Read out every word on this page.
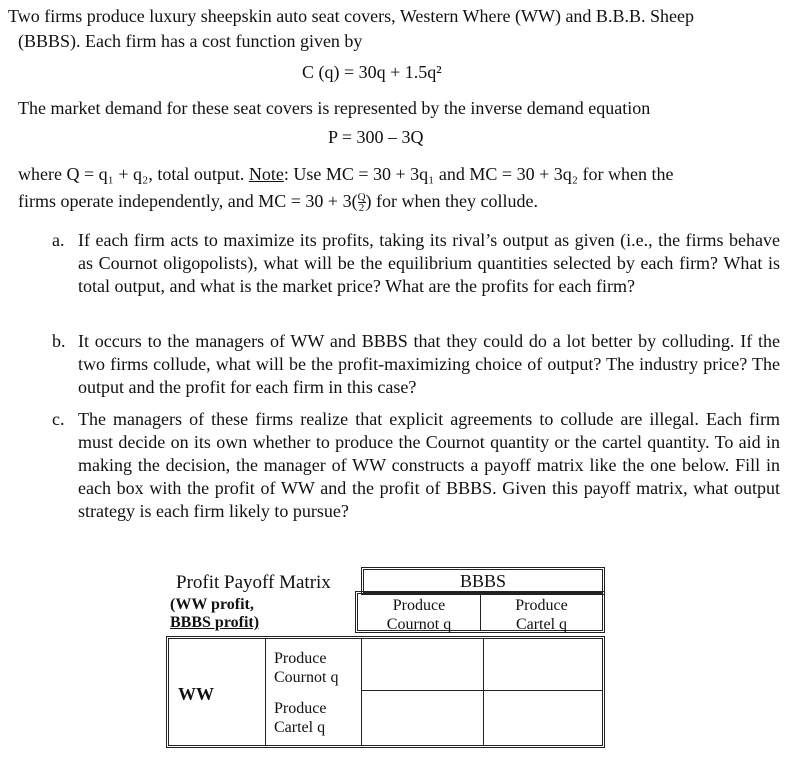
Two firms produce luxury sheepskin auto seat covers, Western Where (WW) and B.B.B. Sheep
(BBBS). Each firm has a cost function given by
C (q) = 30q + 1.5q²
The market demand for these seat covers is represented by the inverse demand equation
P = 300 – 3Q
where Q = q₁ + q₂, total output. Note: Use MC = 30 + 3q₁ and MC = 30 + 3q₂ for when the
firms operate independently, and MC = $30 + 3( \frac{Q}{2}$ ) for when they collude.
a. If each firm acts to maximize its profits, taking its rival’s output as given (i.e., the firms behave as Cournot oligopolists), what will be the equilibrium quantities selected by each firm? What is total output, and what is the market price? What are the profits for each firm?
b. It occurs to the managers of WW and BBBS that they could do a lot better by colluding. If the two firms collude, what will be the profit-maximizing choice of output? The industry price? The output and the profit for each firm in this case?
c. The managers of these firms realize that explicit agreements to collude are illegal. Each firm must decide on its own whether to produce the Cournot quantity or the cartel quantity. To aid in making the decision, the manager of WW constructs a payoff matrix like the one below. Fill in each box with the profit of WW and the profit of BBBS. Given this payoff matrix, what output strategy is each firm likely to pursue?
Profit Payoff Matrix
(WW profit,
BBBS profit)
BBBS
Produce
Cournot q
Produce
Cartel q
WW
Produce
Cournot q
Produce
Cartel q
